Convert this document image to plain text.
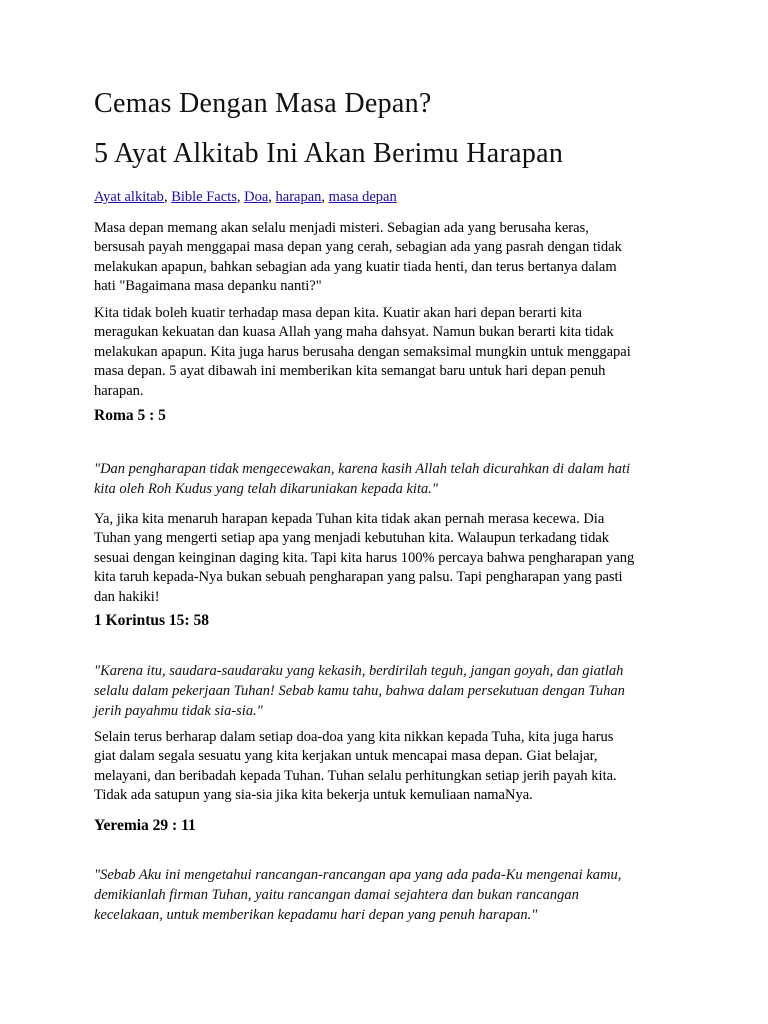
Cemas Dengan Masa Depan?
5 Ayat Alkitab Ini Akan Berimu Harapan
Ayat alkitab, Bible Facts, Doa, harapan, masa depan

Masa depan memang akan selalu menjadi misteri. Sebagian ada yang berusaha keras,
bersusah payah menggapai masa depan yang cerah, sebagian ada yang pasrah dengan tidak
melakukan apapun, bahkan sebagian ada yang kuatir tiada henti, dan terus bertanya dalam
hati "Bagaimana masa depanku nanti?"

Kita tidak boleh kuatir terhadap masa depan kita. Kuatir akan hari depan berarti kita
meragukan kekuatan dan kuasa Allah yang maha dahsyat. Namun bukan berarti kita tidak
melakukan apapun. Kita juga harus berusaha dengan semaksimal mungkin untuk menggapai
masa depan. 5 ayat dibawah ini memberikan kita semangat baru untuk hari depan penuh
harapan.

Roma 5 : 5

"Dan pengharapan tidak mengecewakan, karena kasih Allah telah dicurahkan di dalam hati
kita oleh Roh Kudus yang telah dikaruniakan kepada kita."

Ya, jika kita menaruh harapan kepada Tuhan kita tidak akan pernah merasa kecewa. Dia
Tuhan yang mengerti setiap apa yang menjadi kebutuhan kita. Walaupun terkadang tidak
sesuai dengan keinginan daging kita. Tapi kita harus 100% percaya bahwa pengharapan yang
kita taruh kepada-Nya bukan sebuah pengharapan yang palsu. Tapi pengharapan yang pasti
dan hakiki!

1 Korintus 15: 58

"Karena itu, saudara-saudaraku yang kekasih, berdirilah teguh, jangan goyah, dan giatlah
selalu dalam pekerjaan Tuhan! Sebab kamu tahu, bahwa dalam persekutuan dengan Tuhan
jerih payahmu tidak sia-sia."

Selain terus berharap dalam setiap doa-doa yang kita nikkan kepada Tuha, kita juga harus
giat dalam segala sesuatu yang kita kerjakan untuk mencapai masa depan. Giat belajar,
melayani, dan beribadah kepada Tuhan. Tuhan selalu perhitungkan setiap jerih payah kita.
Tidak ada satupun yang sia-sia jika kita bekerja untuk kemuliaan namaNya.

Yeremia 29 : 11

"Sebab Aku ini mengetahui rancangan-rancangan apa yang ada pada-Ku mengenai kamu,
demikianlah firman Tuhan, yaitu rancangan damai sejahtera dan bukan rancangan
kecelakaan, untuk memberikan kepadamu hari depan yang penuh harapan."
